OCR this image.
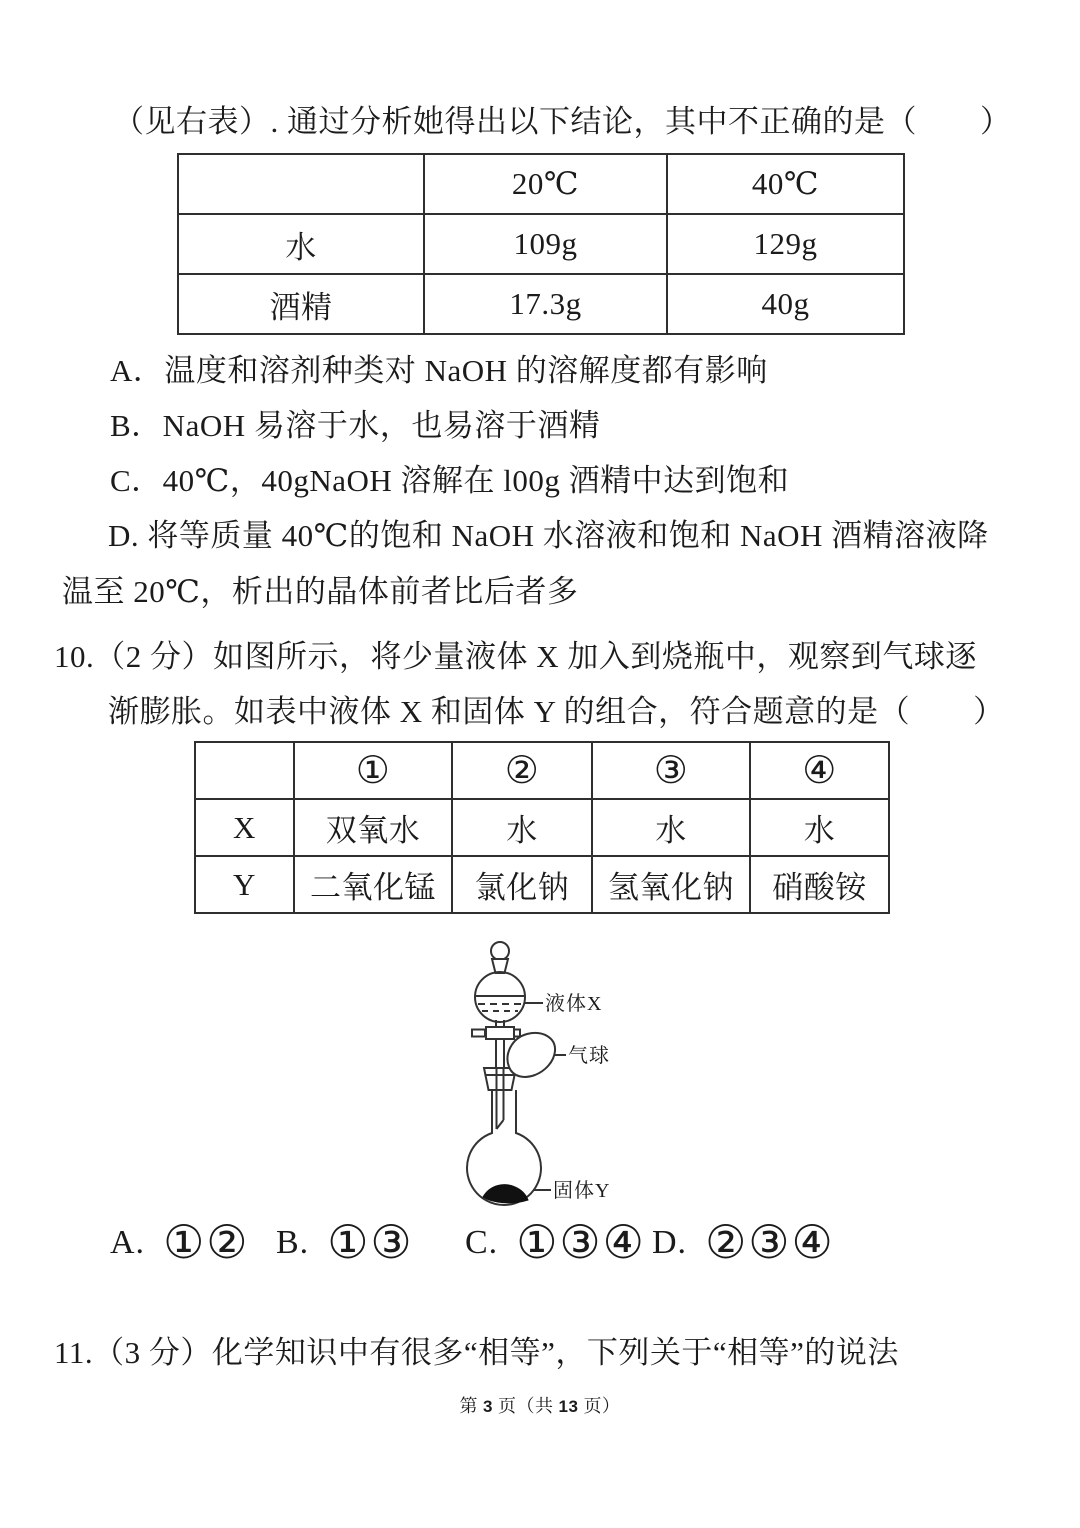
（见右表）. 通过分析她得出以下结论，其中不正确的是（　　）
	20℃	40℃
水	109g	129g
酒精	17.3g	40g
A．温度和溶剂种类对 NaOH 的溶解度都有影响
B．NaOH 易溶于水，也易溶于酒精
C．40℃，40gNaOH 溶解在 l00g 酒精中达到饱和
D. 将等质量 40℃的饱和 NaOH 水溶液和饱和 NaOH 酒精溶液降
温至 20℃，析出的晶体前者比后者多
10.（2 分）如图所示，将少量液体 X 加入到烧瓶中，观察到气球逐
渐膨胀。如表中液体 X 和固体 Y 的组合，符合题意的是（　　）
	①	②	③	④
X	双氧水	水	水	水
Y	二氧化锰	氯化钠	氢氧化钠	硝酸铵
液体X
气球
固体Y
A. ①② B. ①③ C. ①③④ D. ②③④
11.（3 分）化学知识中有很多“相等”，下列关于“相等”的说法
第 3 页（共 13 页）
